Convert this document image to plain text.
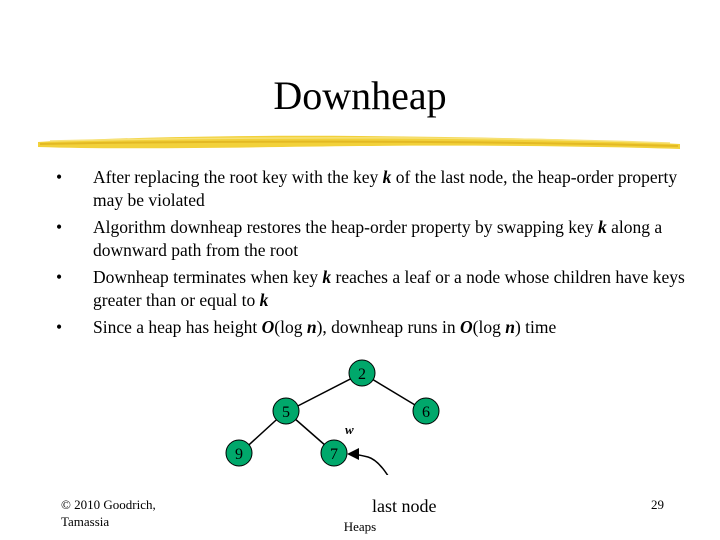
Downheap
• After replacing the root key with the key k of the last node, the heap-order property may be violated
• Algorithm downheap restores the heap-order property by swapping key k along a downward path from the root
• Downheap terminates when key k reaches a leaf or a node whose children have keys greater than or equal to k
• Since a heap has height O(log n), downheap runs in O(log n) time
2
5	6
9	7
w
last node
© 2010 Goodrich,
Tamassia	Heaps
29
